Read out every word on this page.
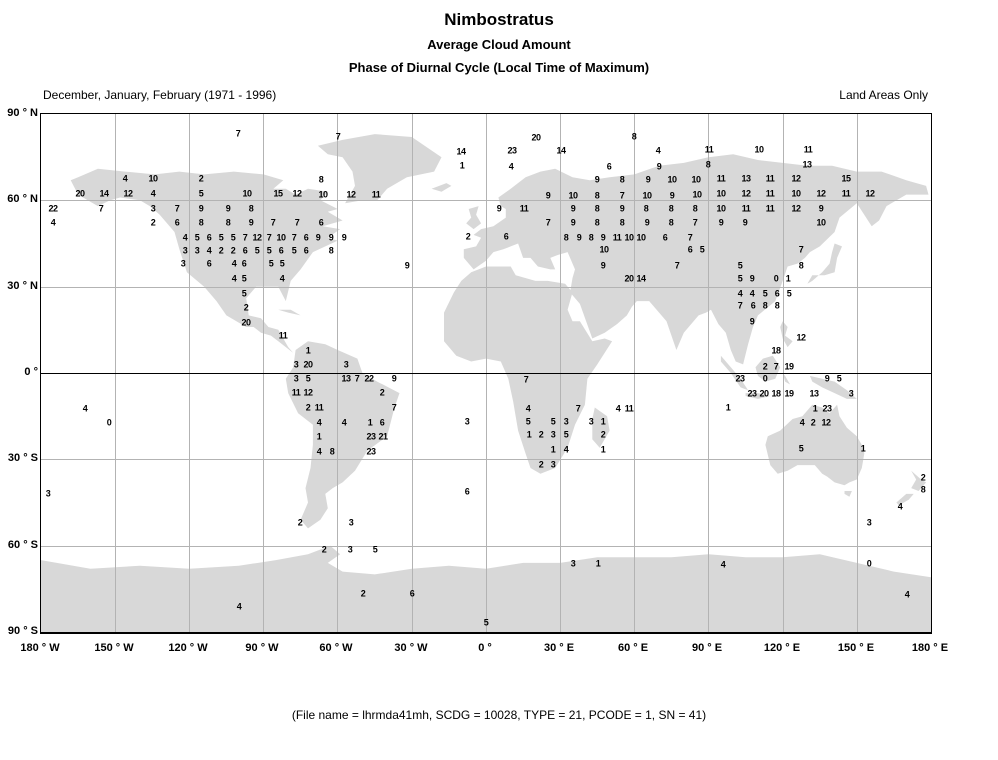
Nimbostratus
Average Cloud Amount
Phase of Diurnal Cycle (Local Time of Maximum)
December, January, February (1971 - 1996)	Land Areas Only
7	7	20	8
11	10	11
14	23	14	4
1	4	6	9	8	13
4 10	2	8	9 8 9 10 10 11 13 11 12	15
20 14 12 4	5	10 15 12 10 12 11	9 10 8 7 10 9 10 10 12 11 10 12 11 12
22	7	3 7 9 9 8	9 11	9 8 9 8 8 8 10 11 11 12 9
4	2 6 8 8 9 7 7 6	7 9 8 8 9 8 7 9 9	10
4 5 6 5 5 7 12 7 10 7 6 9 9 9	2	6	8 9 8 9 11 10 10 6 7
3 3 4 2 2 6 5 5 6 5 6 8	10	6 5	7
3 6 4 6 5 5	9	9	7	5	8
4 5	4	20 14	5 9 0 1
5	4 4 5 6 5
2	7 6 8 8
20	9
11	12
1	18
3 20	3	2 7 19
3 5	13 7 22 9	7	23 0	9 5
11 12	2	23 20 18 19 13	3
4	2 11	7	4	7	4 11	1	1 23
0	4 4 1 6	3	5 5 3 3 1	4 2 12
1	23 21	1 2 3 5	2
4 8	23	1 4	1	5	1
2 3
2
3	6	8
4
2	3	3
2 3 5
3 1	4	0
2	6	4
4
5
90 ° N
60 ° N
30 ° N
0 °
30 ° S
60 ° S
90 ° S
180 ° W	150 ° W	120 ° W	90 ° W	60 ° W	30 ° W	0 °	30 ° E	60 ° E	90 ° E	120 ° E	150 ° E	180 ° E
(File name = lhrmda41mh, SCDG = 10028, TYPE = 21, PCODE = 1, SN = 41)
